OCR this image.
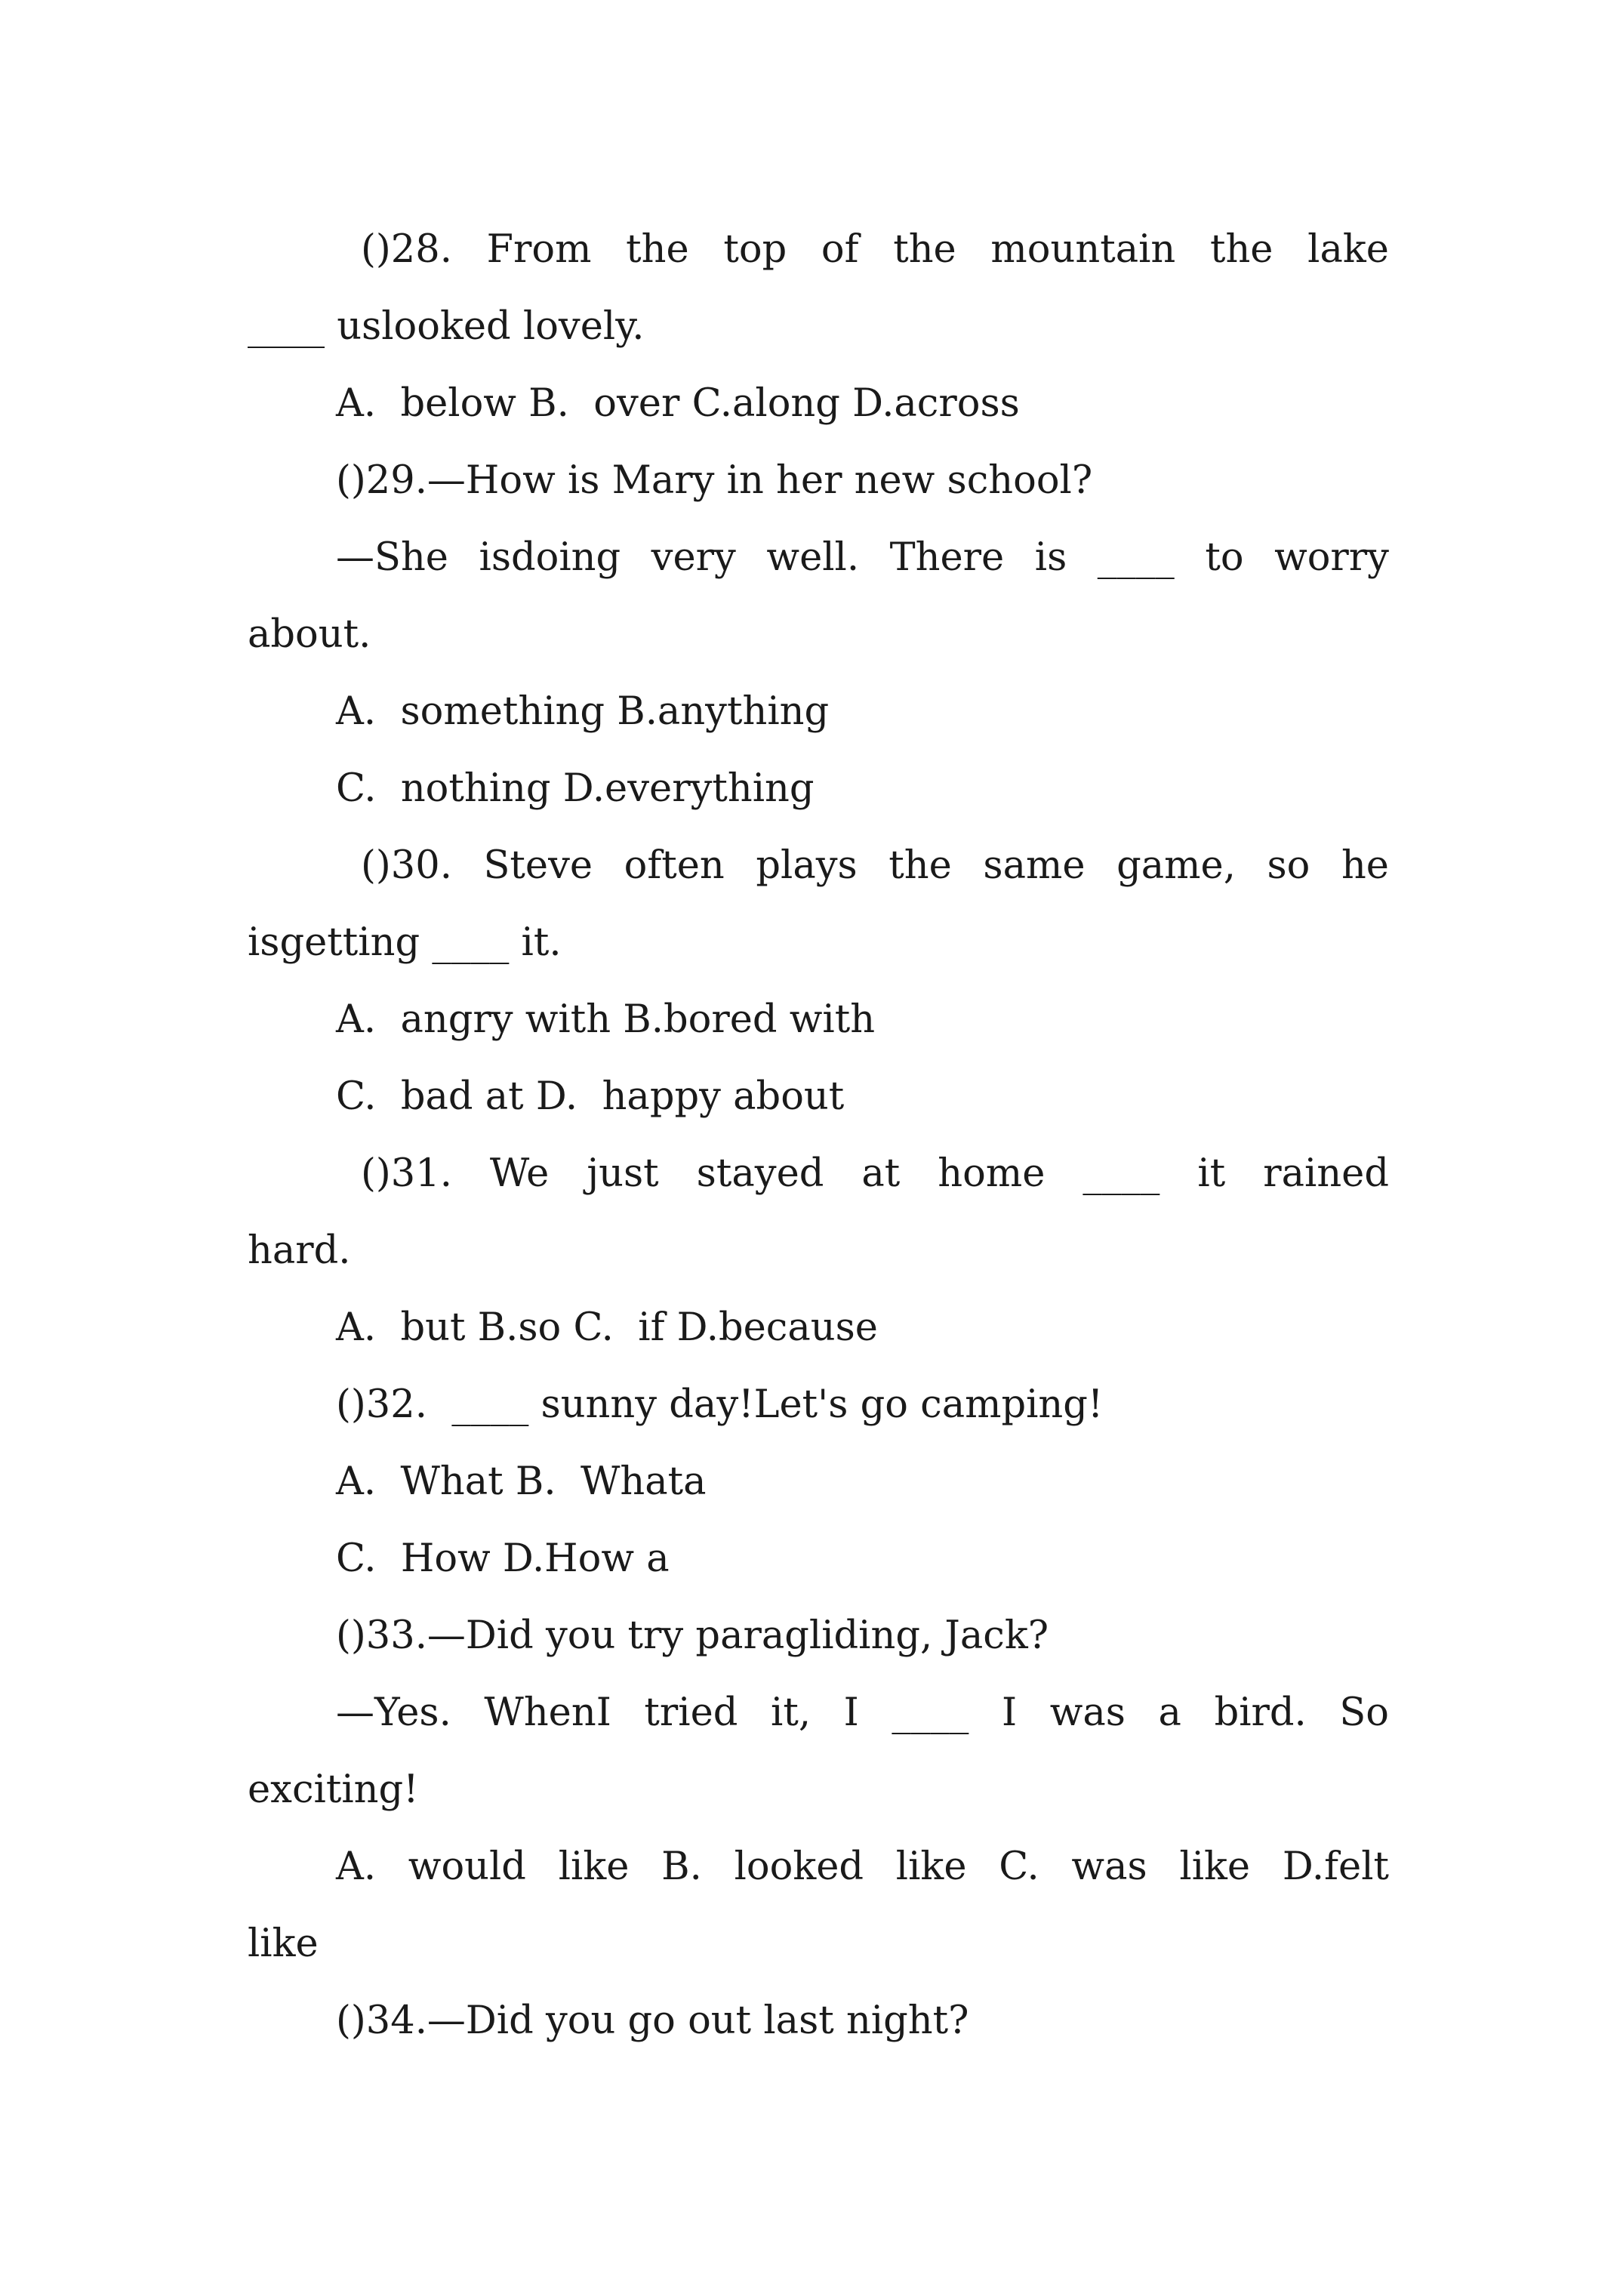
()28. From the top of the mountain the lake
____ uslooked lovely.
A.  below B.  over C.along D.across
()29.—How is Mary in her new school?
—She isdoing very well. There is ____ to worry
about.
A.  something B.anything
C.  nothing D.everything
()30. Steve often plays the same game, so he
isgetting ____ it.
A.  angry with B.bored with
C.  bad at D.  happy about
()31. We just stayed at home ____ it rained
hard.
A.  but B.so C.  if D.because
()32.  ____ sunny day!Let's go camping!
A.  What B.  Whata
C.  How D.How a
()33.—Did you try paragliding, Jack?
—Yes. WhenI tried it, I ____ I was a bird. So
exciting!
A. would like B. looked like C. was like D.felt
like
()34.—Did you go out last night?
